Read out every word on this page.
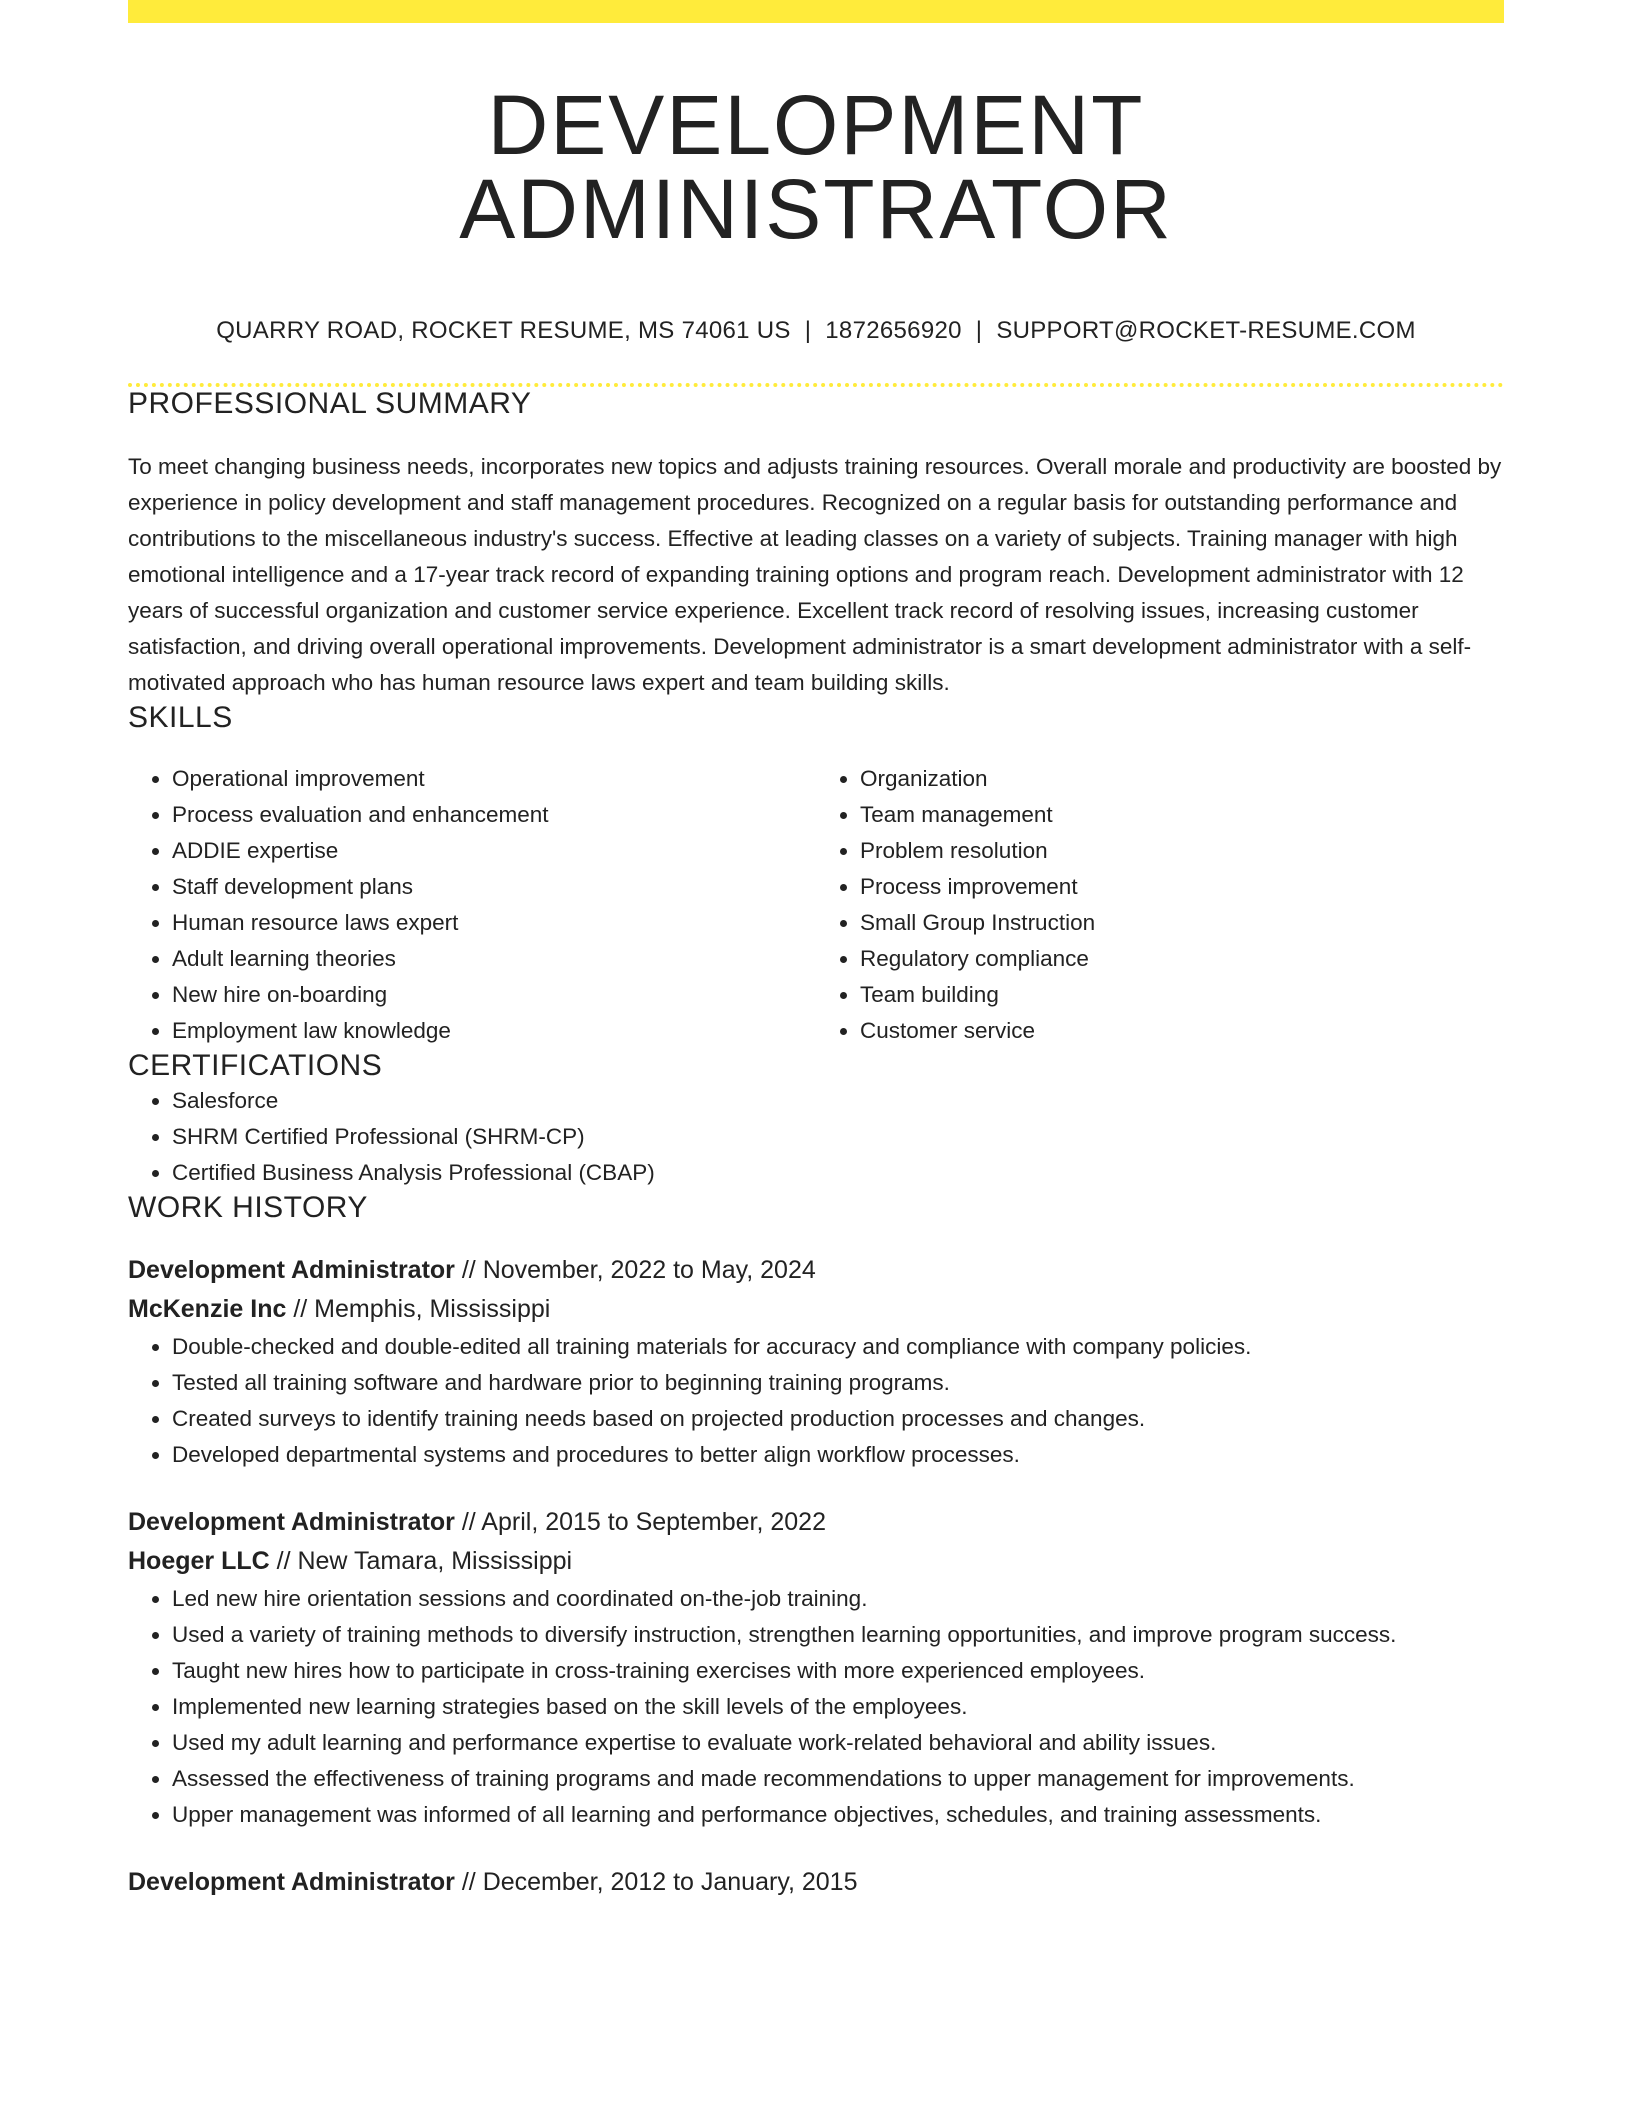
DEVELOPMENT ADMINISTRATOR
QUARRY ROAD, ROCKET RESUME, MS 74061 US | 1872656920 | SUPPORT@ROCKET-RESUME.COM
PROFESSIONAL SUMMARY

To meet changing business needs, incorporates new topics and adjusts training resources. Overall morale and productivity are boosted by experience in policy development and staff management procedures. Recognized on a regular basis for outstanding performance and contributions to the miscellaneous industry's success. Effective at leading classes on a variety of subjects. Training manager with high emotional intelligence and a 17-year track record of expanding training options and program reach. Development administrator with 12 years of successful organization and customer service experience. Excellent track record of resolving issues, increasing customer satisfaction, and driving overall operational improvements. Development administrator is a smart development administrator with a self-motivated approach who has human resource laws expert and team building skills.

SKILLS
• Operational improvement
• Process evaluation and enhancement
• ADDIE expertise
• Staff development plans
• Human resource laws expert
• Adult learning theories
• New hire on-boarding
• Employment law knowledge
• Organization
• Team management
• Problem resolution
• Process improvement
• Small Group Instruction
• Regulatory compliance
• Team building
• Customer service
CERTIFICATIONS
• Salesforce
• SHRM Certified Professional (SHRM-CP)
• Certified Business Analysis Professional (CBAP)
WORK HISTORY
Development Administrator // November, 2022 to May, 2024
McKenzie Inc // Memphis, Mississippi
• Double-checked and double-edited all training materials for accuracy and compliance with company policies.
• Tested all training software and hardware prior to beginning training programs.
• Created surveys to identify training needs based on projected production processes and changes.
• Developed departmental systems and procedures to better align workflow processes.
Development Administrator // April, 2015 to September, 2022
Hoeger LLC // New Tamara, Mississippi
• Led new hire orientation sessions and coordinated on-the-job training.
• Used a variety of training methods to diversify instruction, strengthen learning opportunities, and improve program success.
• Taught new hires how to participate in cross-training exercises with more experienced employees.
• Implemented new learning strategies based on the skill levels of the employees.
• Used my adult learning and performance expertise to evaluate work-related behavioral and ability issues.
• Assessed the effectiveness of training programs and made recommendations to upper management for improvements.
• Upper management was informed of all learning and performance objectives, schedules, and training assessments.
Development Administrator // December, 2012 to January, 2015
